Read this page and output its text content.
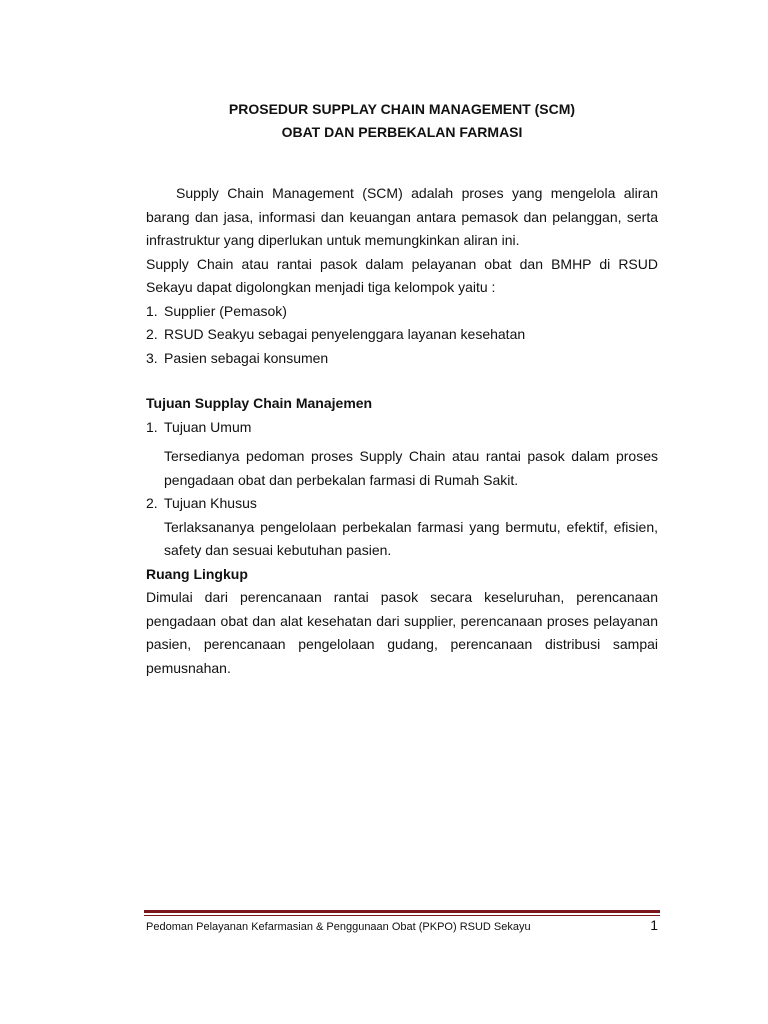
PROSEDUR SUPPLAY CHAIN MANAGEMENT (SCM)
OBAT DAN PERBEKALAN FARMASI

Supply Chain Management (SCM) adalah proses yang mengelola aliran barang dan jasa, informasi dan keuangan antara pemasok dan pelanggan, serta infrastruktur yang diperlukan untuk memungkinkan aliran ini.

Supply Chain atau rantai pasok dalam pelayanan obat dan BMHP di RSUD Sekayu dapat digolongkan menjadi tiga kelompok yaitu :

1. Supplier (Pemasok)
2. RSUD Seakyu sebagai penyelenggara layanan kesehatan
3. Pasien sebagai konsumen

Tujuan Supplay Chain Manajemen

1. Tujuan Umum

Tersedianya pedoman proses Supply Chain atau rantai pasok dalam proses pengadaan obat dan perbekalan farmasi di Rumah Sakit.

2. Tujuan Khusus

Terlaksananya pengelolaan perbekalan farmasi yang bermutu, efektif, efisien, safety dan sesuai kebutuhan pasien.

Ruang Lingkup

Dimulai dari perencanaan rantai pasok secara keseluruhan, perencanaan pengadaan obat dan alat kesehatan dari supplier, perencanaan proses pelayanan pasien, perencanaan pengelolaan gudang, perencanaan distribusi sampai pemusnahan.

Pedoman Pelayanan Kefarmasian & Penggunaan Obat (PKPO) RSUD Sekayu	1
